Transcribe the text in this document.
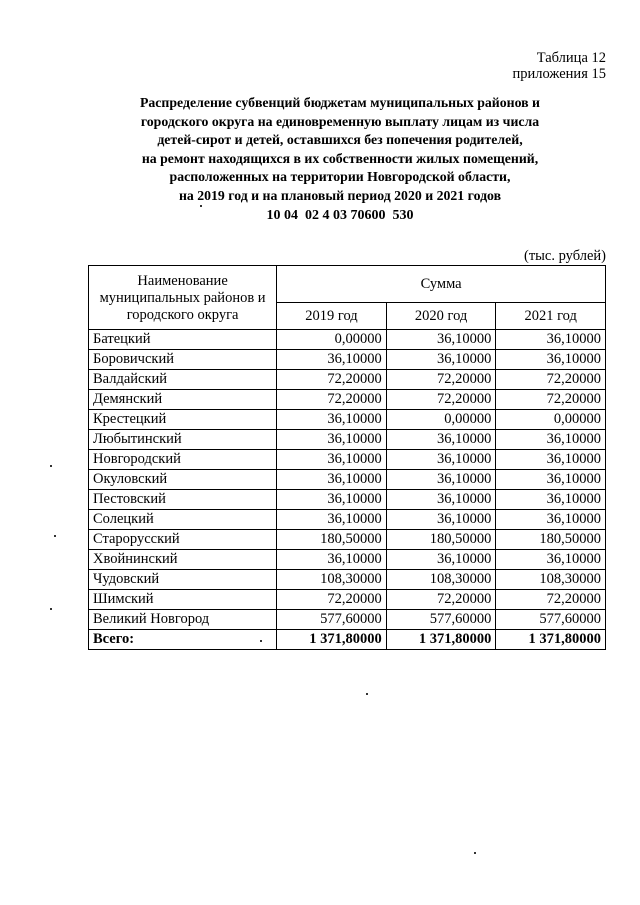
Таблица 12
приложения 15
Распределение субвенций бюджетам муниципальных районов и
городского округа на единовременную выплату лицам из числа
детей-сирот и детей, оставшихся без попечения родителей,
на ремонт находящихся в их собственности жилых помещений,
расположенных на территории Новгородской области,
на 2019 год и на плановый период 2020 и 2021 годов
10 04  02 4 03 70600  530
(тыс. рублей)
Наименование
муниципальных районов и
городского округа	Сумма		
	2019 год	2020 год	2021 год
Батецкий	0,00000	36,10000	36,10000
Боровичский	36,10000	36,10000	36,10000
Валдайский	72,20000	72,20000	72,20000
Демянский	72,20000	72,20000	72,20000
Крестецкий	36,10000	0,00000	0,00000
Любытинский	36,10000	36,10000	36,10000
Новгородский	36,10000	36,10000	36,10000
Окуловский	36,10000	36,10000	36,10000
Пестовский	36,10000	36,10000	36,10000
Солецкий	36,10000	36,10000	36,10000
Старорусский	180,50000	180,50000	180,50000
Хвойнинский	36,10000	36,10000	36,10000
Чудовский	108,30000	108,30000	108,30000
Шимский	72,20000	72,20000	72,20000
Великий Новгород	577,60000	577,60000	577,60000
Всего:	1 371,80000	1 371,80000	1 371,80000
